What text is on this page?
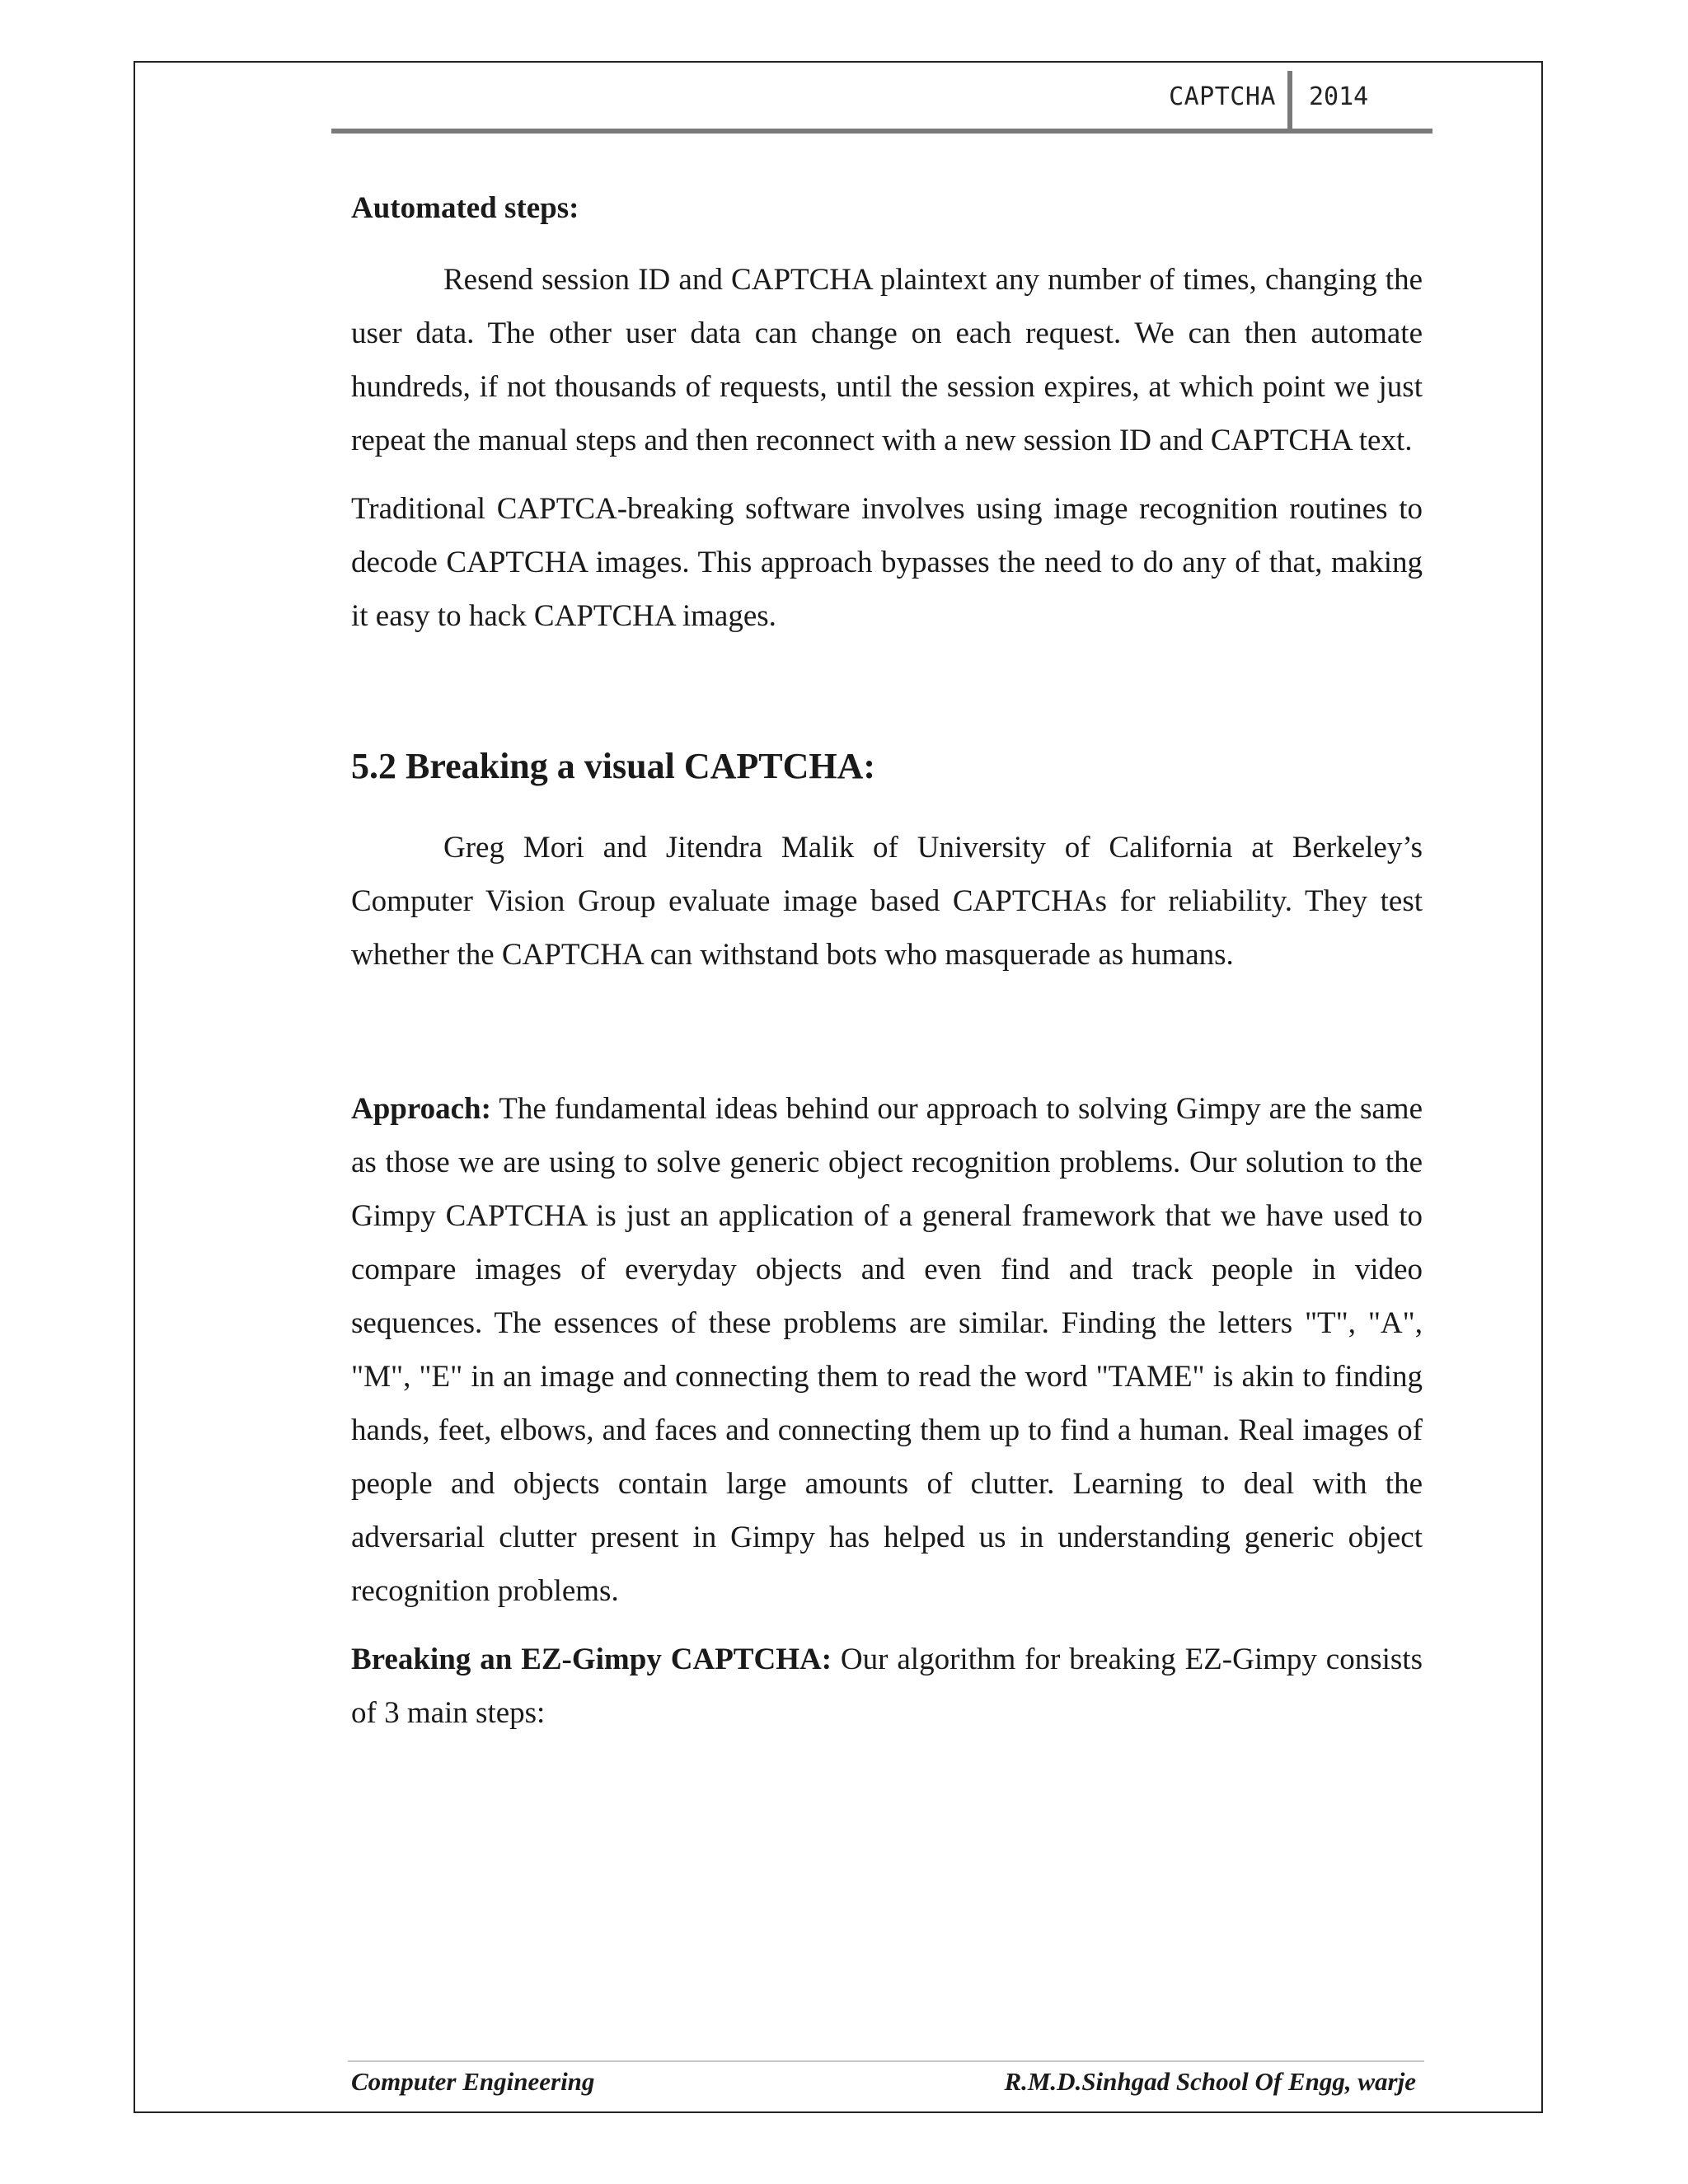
CAPTCHA 2014
Automated steps:

Resend session ID and CAPTCHA plaintext any number of times, changing the user data. The other user data can change on each request. We can then automate hundreds, if not thousands of requests, until the session expires, at which point we just repeat the manual steps and then reconnect with a new session ID and CAPTCHA text.

Traditional CAPTCA-breaking software involves using image recognition routines to decode CAPTCHA images. This approach bypasses the need to do any of that, making it easy to hack CAPTCHA images.

5.2 Breaking a visual CAPTCHA:

Greg Mori and Jitendra Malik of University of California at Berkeley’s Computer Vision Group evaluate image based CAPTCHAs for reliability. They test whether the CAPTCHA can withstand bots who masquerade as humans.

Approach: The fundamental ideas behind our approach to solving Gimpy are the same as those we are using to solve generic object recognition problems. Our solution to the Gimpy CAPTCHA is just an application of a general framework that we have used to compare images of everyday objects and even find and track people in video sequences. The essences of these problems are similar. Finding the letters "T", "A", "M", "E" in an image and connecting them to read the word "TAME" is akin to finding hands, feet, elbows, and faces and connecting them up to find a human. Real images of people and objects contain large amounts of clutter. Learning to deal with the adversarial clutter present in Gimpy has helped us in understanding generic object recognition problems.

Breaking an EZ-Gimpy CAPTCHA: Our algorithm for breaking EZ-Gimpy consists of 3 main steps:

Computer Engineering	R.M.D.Sinhgad School Of Engg, warje
